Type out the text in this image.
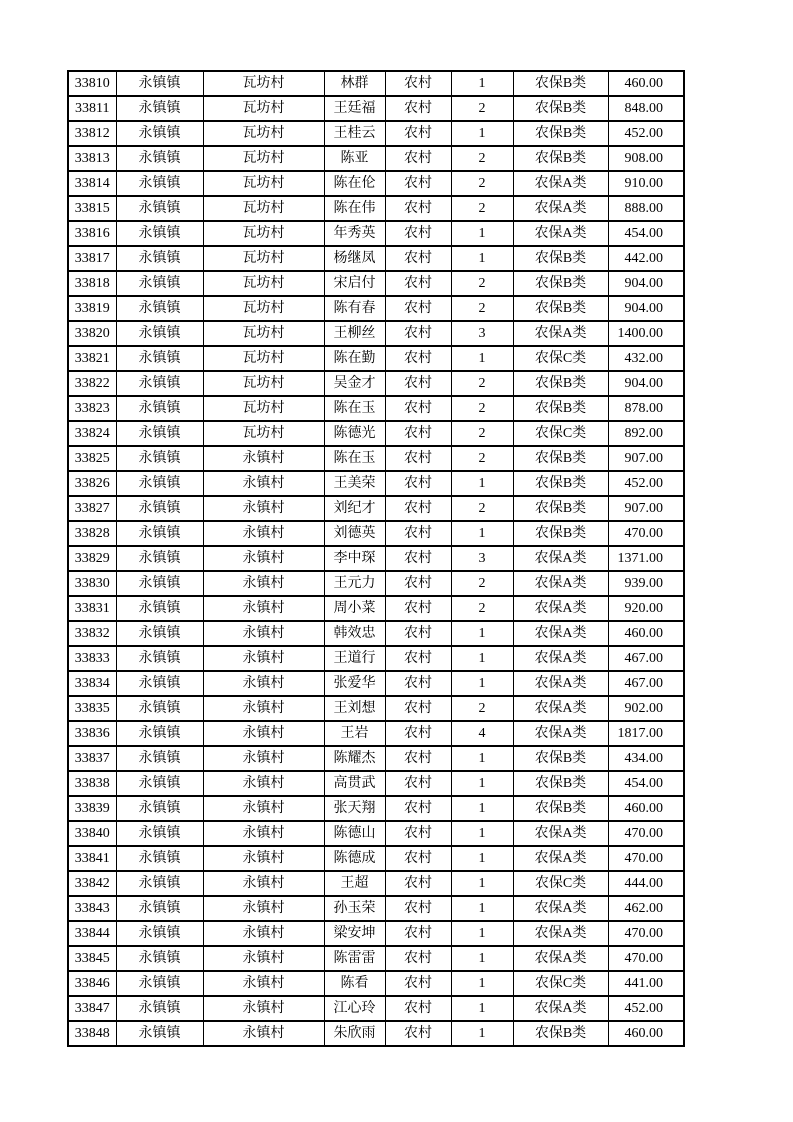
33810	永镇镇	瓦坊村	林群	农村	1	农保B类	460.00
33811	永镇镇	瓦坊村	王廷福	农村	2	农保B类	848.00
33812	永镇镇	瓦坊村	王桂云	农村	1	农保B类	452.00
33813	永镇镇	瓦坊村	陈亚	农村	2	农保B类	908.00
33814	永镇镇	瓦坊村	陈在伦	农村	2	农保A类	910.00
33815	永镇镇	瓦坊村	陈在伟	农村	2	农保A类	888.00
33816	永镇镇	瓦坊村	年秀英	农村	1	农保A类	454.00
33817	永镇镇	瓦坊村	杨继凤	农村	1	农保B类	442.00
33818	永镇镇	瓦坊村	宋启付	农村	2	农保B类	904.00
33819	永镇镇	瓦坊村	陈有春	农村	2	农保B类	904.00
33820	永镇镇	瓦坊村	王柳丝	农村	3	农保A类	1400.00
33821	永镇镇	瓦坊村	陈在勤	农村	1	农保C类	432.00
33822	永镇镇	瓦坊村	吴金才	农村	2	农保B类	904.00
33823	永镇镇	瓦坊村	陈在玉	农村	2	农保B类	878.00
33824	永镇镇	瓦坊村	陈德光	农村	2	农保C类	892.00
33825	永镇镇	永镇村	陈在玉	农村	2	农保B类	907.00
33826	永镇镇	永镇村	王美荣	农村	1	农保B类	452.00
33827	永镇镇	永镇村	刘纪才	农村	2	农保B类	907.00
33828	永镇镇	永镇村	刘德英	农村	1	农保B类	470.00
33829	永镇镇	永镇村	李中琛	农村	3	农保A类	1371.00
33830	永镇镇	永镇村	王元力	农村	2	农保A类	939.00
33831	永镇镇	永镇村	周小菜	农村	2	农保A类	920.00
33832	永镇镇	永镇村	韩效忠	农村	1	农保A类	460.00
33833	永镇镇	永镇村	王道行	农村	1	农保A类	467.00
33834	永镇镇	永镇村	张爱华	农村	1	农保A类	467.00
33835	永镇镇	永镇村	王刘想	农村	2	农保A类	902.00
33836	永镇镇	永镇村	王岩	农村	4	农保A类	1817.00
33837	永镇镇	永镇村	陈耀杰	农村	1	农保B类	434.00
33838	永镇镇	永镇村	高贯武	农村	1	农保B类	454.00
33839	永镇镇	永镇村	张天翔	农村	1	农保B类	460.00
33840	永镇镇	永镇村	陈德山	农村	1	农保A类	470.00
33841	永镇镇	永镇村	陈德成	农村	1	农保A类	470.00
33842	永镇镇	永镇村	王超	农村	1	农保C类	444.00
33843	永镇镇	永镇村	孙玉荣	农村	1	农保A类	462.00
33844	永镇镇	永镇村	梁安坤	农村	1	农保A类	470.00
33845	永镇镇	永镇村	陈雷雷	农村	1	农保A类	470.00
33846	永镇镇	永镇村	陈看	农村	1	农保C类	441.00
33847	永镇镇	永镇村	江心玲	农村	1	农保A类	452.00
33848	永镇镇	永镇村	朱欣雨	农村	1	农保B类	460.00
